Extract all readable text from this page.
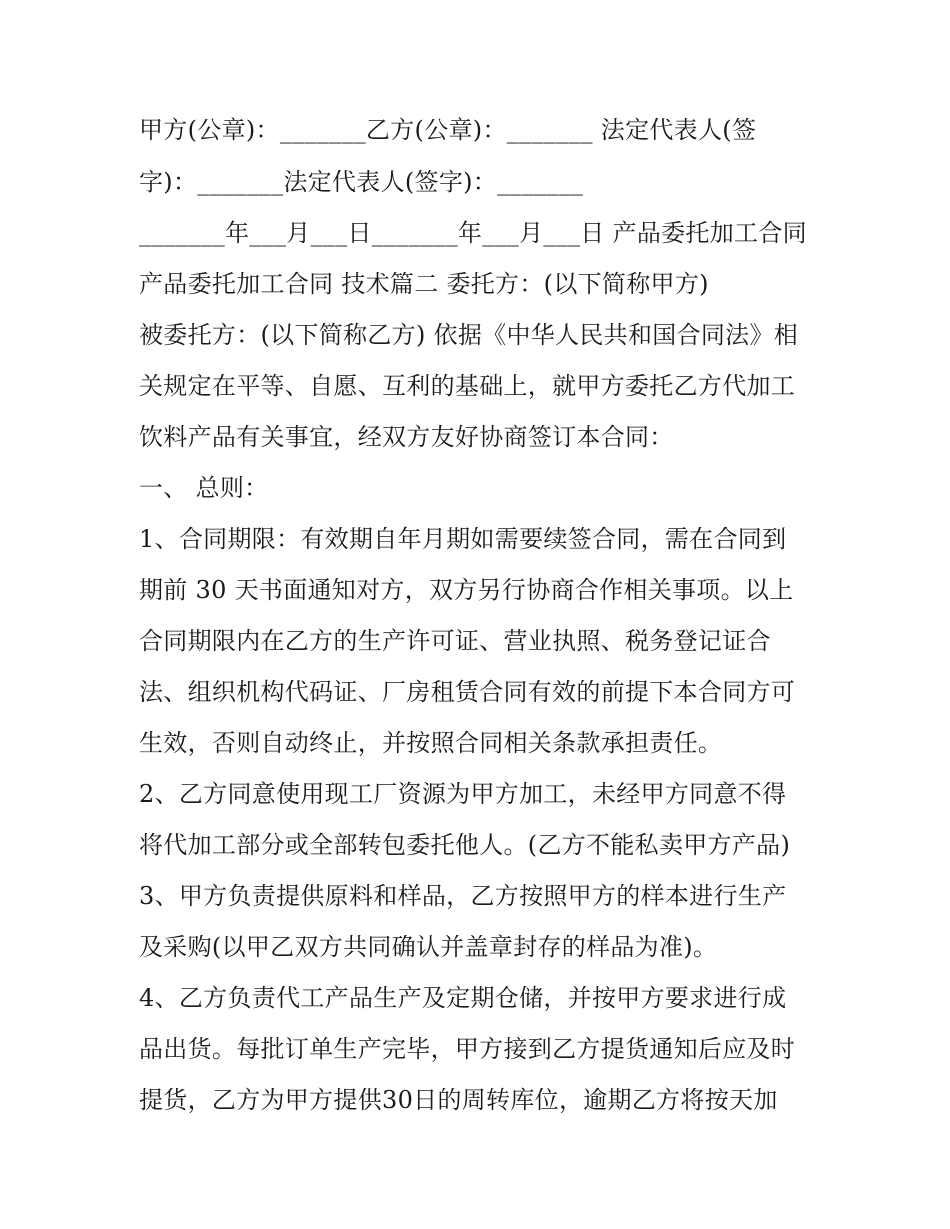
甲方(公章)：_______乙方(公章)：_______ 法定代表人(签
字)：_______法定代表人(签字)：_______
_______年___月___日_______年___月___日 产品委托加工合同
产品委托加工合同 技术篇二 委托方：(以下简称甲方)
被委托方：(以下简称乙方) 依据《中华人民共和国合同法》相
关规定在平等、自愿、互利的基础上，就甲方委托乙方代加工
饮料产品有关事宜，经双方友好协商签订本合同：
一、 总则：
1、合同期限：有效期自年月期如需要续签合同，需在合同到
期前 30 天书面通知对方，双方另行协商合作相关事项。以上
合同期限内在乙方的生产许可证、营业执照、税务登记证合
法、组织机构代码证、厂房租赁合同有效的前提下本合同方可
生效，否则自动终止，并按照合同相关条款承担责任。
2、乙方同意使用现工厂资源为甲方加工，未经甲方同意不得
将代加工部分或全部转包委托他人。(乙方不能私卖甲方产品)
3、甲方负责提供原料和样品，乙方按照甲方的样本进行生产
及采购(以甲乙双方共同确认并盖章封存的样品为准)。
4、乙方负责代工产品生产及定期仓储，并按甲方要求进行成
品出货。每批订单生产完毕，甲方接到乙方提货通知后应及时
提货，乙方为甲方提供30日的周转库位，逾期乙方将按天加
